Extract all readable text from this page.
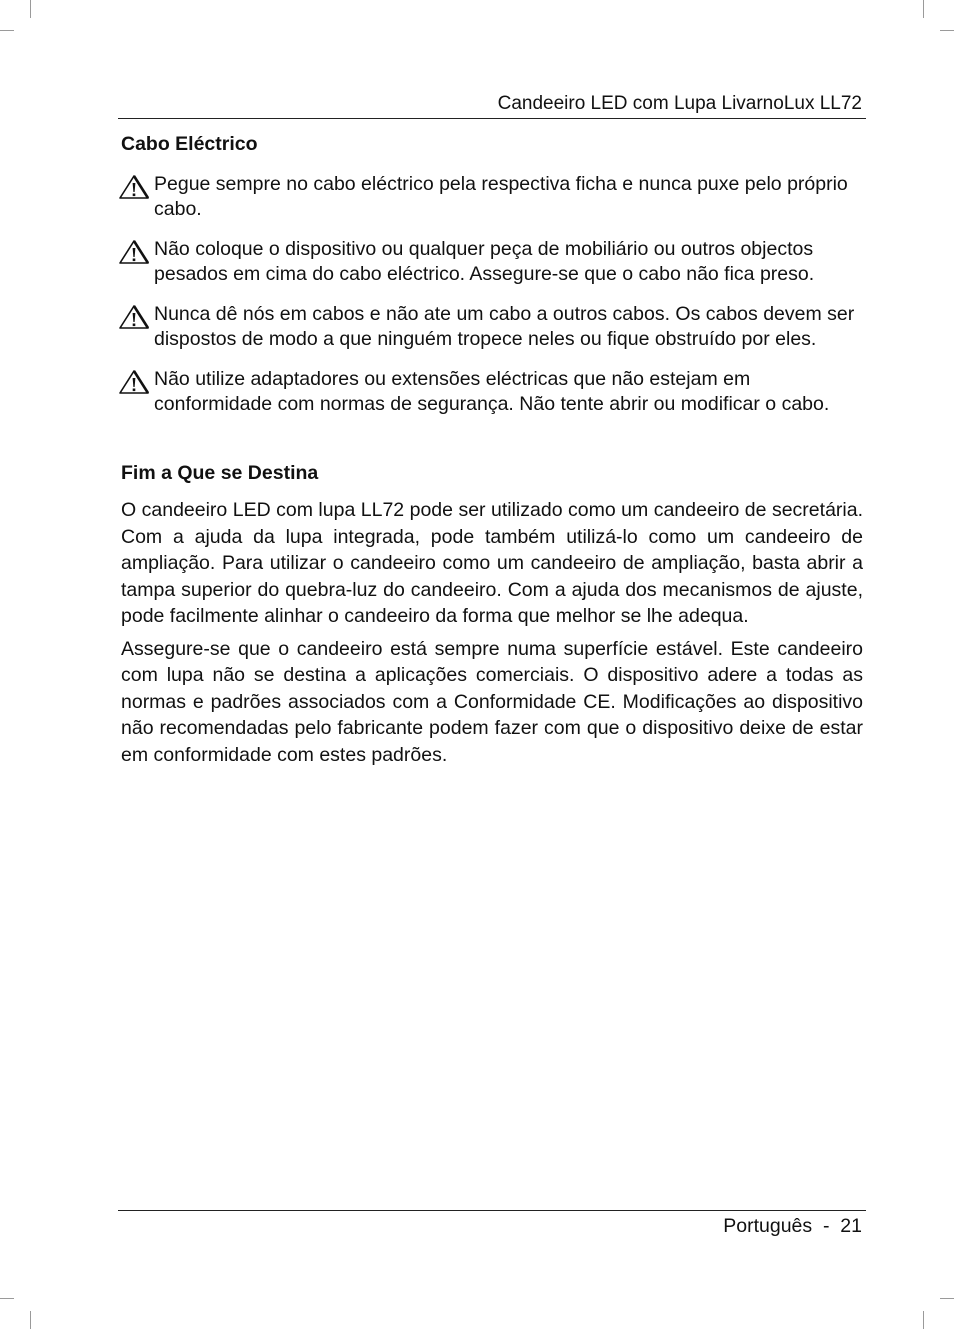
Candeeiro LED com Lupa LivarnoLux LL72
Cabo Eléctrico
Pegue sempre no cabo eléctrico pela respectiva ficha e nunca puxe pelo próprio cabo.
Não coloque o dispositivo ou qualquer peça de mobiliário ou outros objectos pesados em cima do cabo eléctrico. Assegure-se que o cabo não fica preso.
Nunca dê nós em cabos e não ate um cabo a outros cabos. Os cabos devem ser dispostos de modo a que ninguém tropece neles ou fique obstruído por eles.
Não utilize adaptadores ou extensões eléctricas que não estejam em conformidade com normas de segurança. Não tente abrir ou modificar o cabo.
Fim a Que se Destina

O candeeiro LED com lupa LL72 pode ser utilizado como um candeeiro de secretária. Com a ajuda da lupa integrada, pode também utilizá-lo como um candeeiro de ampliação. Para utilizar o candeeiro como um candeeiro de ampliação, basta abrir a tampa superior do quebra-luz do candeeiro. Com a ajuda dos mecanismos de ajuste, pode facilmente alinhar o candeeiro da forma que melhor se lhe adequa.

Assegure-se que o candeeiro está sempre numa superfície estável. Este candeeiro com lupa não se destina a aplicações comerciais. O dispositivo adere a todas as normas e padrões associados com a Conformidade CE. Modificações ao dispositivo não recomendadas pelo fabricante podem fazer com que o dispositivo deixe de estar em conformidade com estes padrões.

Português  -  21
